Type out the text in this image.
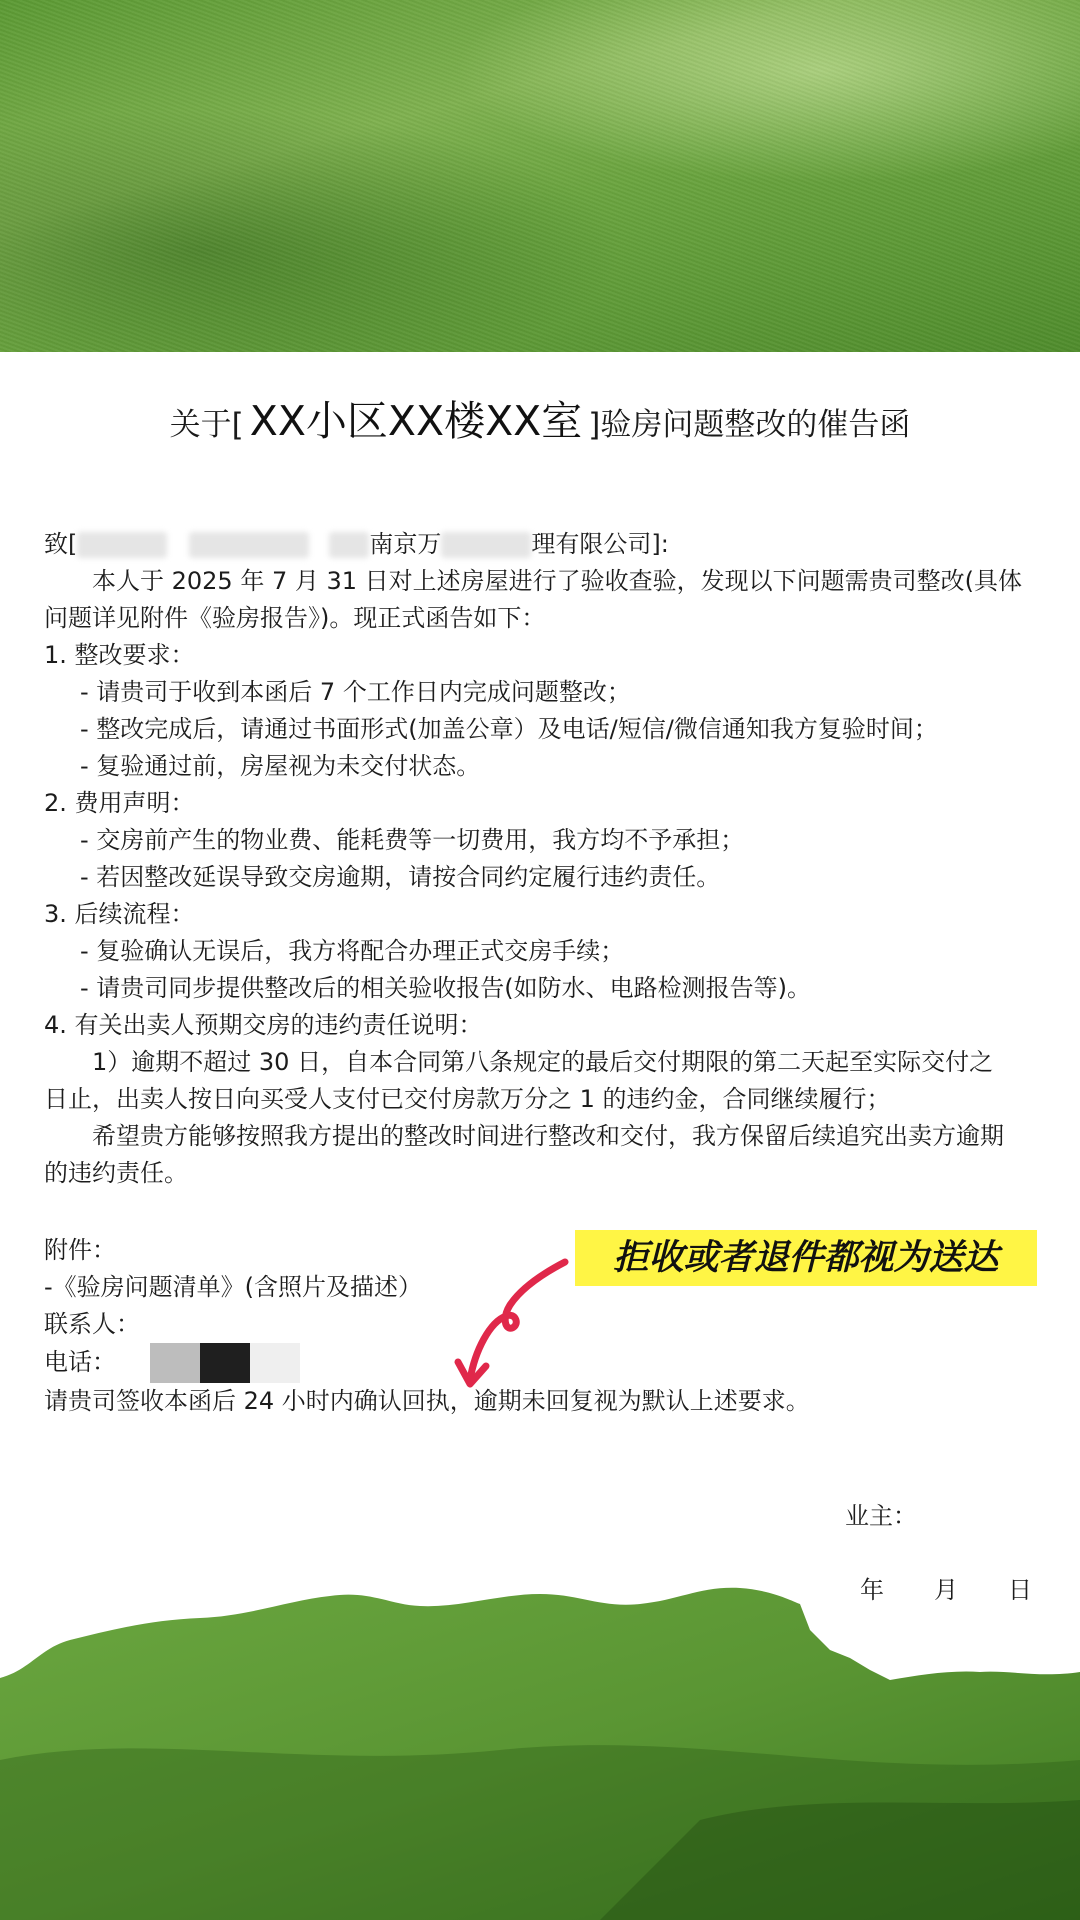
关于[ XX小区XX楼XX室 ]验房问题整改的催告函
致[	南京万	理有限公司]:
本人于 2025 年 7 月 31 日对上述房屋进行了验收查验，发现以下问题需贵司整改(具体
问题详见附件《验房报告》)。现正式函告如下：
1. 整改要求：
- 请贵司于收到本函后 7 个工作日内完成问题整改；
- 整改完成后，请通过书面形式(加盖公章）及电话/短信/微信通知我方复验时间；
- 复验通过前，房屋视为未交付状态。
2. 费用声明：
- 交房前产生的物业费、能耗费等一切费用，我方均不予承担；
- 若因整改延误导致交房逾期，请按合同约定履行违约责任。
3. 后续流程：
- 复验确认无误后，我方将配合办理正式交房手续；
- 请贵司同步提供整改后的相关验收报告(如防水、电路检测报告等)。
4. 有关出卖人预期交房的违约责任说明：
1）逾期不超过 30 日，自本合同第八条规定的最后交付期限的第二天起至实际交付之
日止，出卖人按日向买受人支付已交付房款万分之 1 的违约金，合同继续履行；
希望贵方能够按照我方提出的整改时间进行整改和交付，我方保留后续追究出卖方逾期
的违约责任。
附件：
-《验房问题清单》(含照片及描述）
联系人：
电话：
请贵司签收本函后 24 小时内确认回执，逾期未回复视为默认上述要求。
拒收或者退件都视为送达
业主：
年 月 日
